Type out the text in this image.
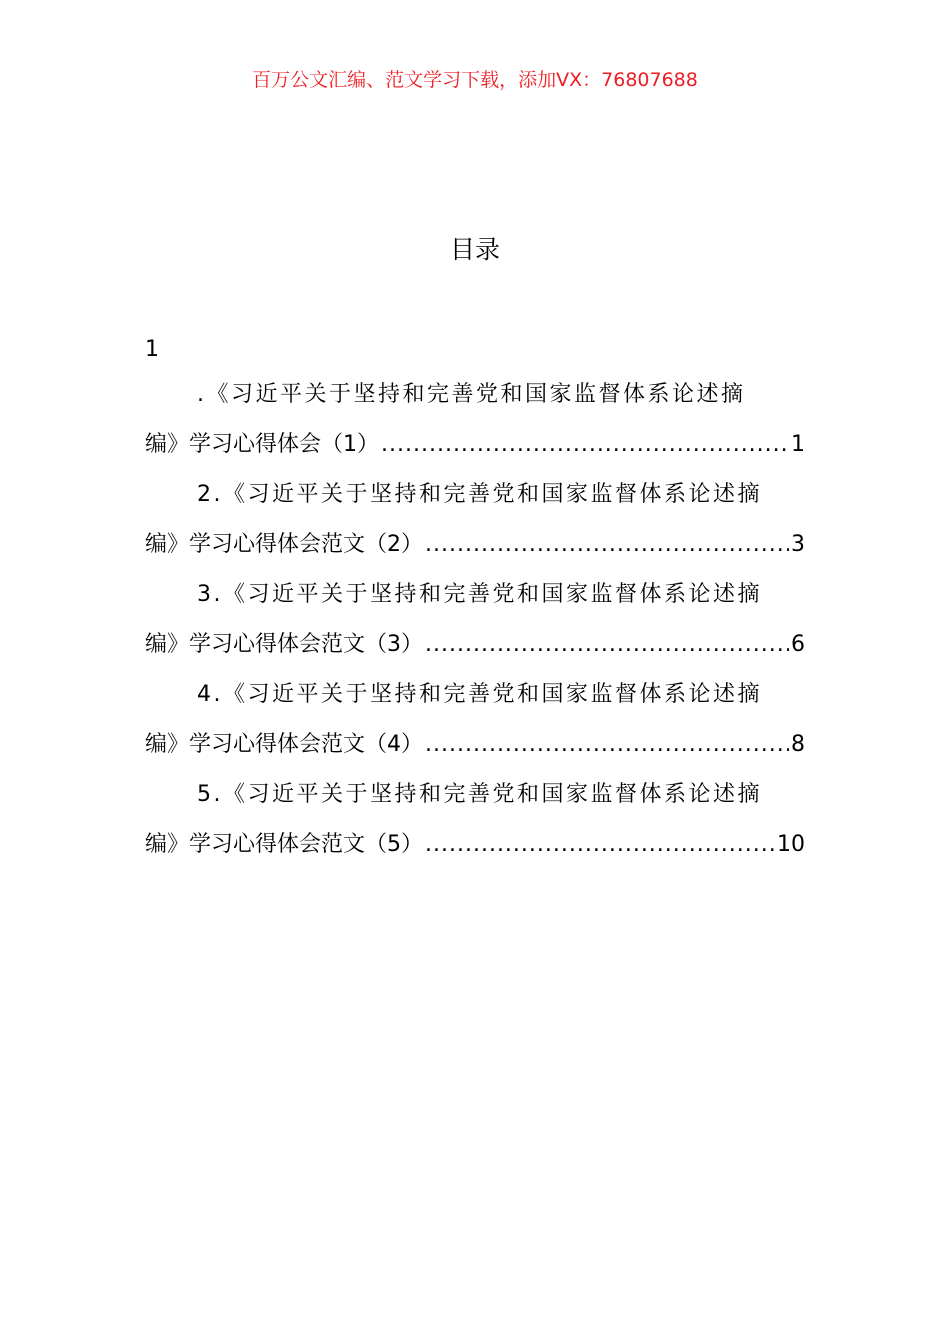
百万公文汇编、范文学习下载，添加VX：76807688
目录
1
.《习近平关于坚持和完善党和国家监督体系论述摘
编》学习心得体会（1） .....	1
2.《习近平关于坚持和完善党和国家监督体系论述摘
编》学习心得体会范文（2） .....	3
3.《习近平关于坚持和完善党和国家监督体系论述摘
编》学习心得体会范文（3） .....	6
4.《习近平关于坚持和完善党和国家监督体系论述摘
编》学习心得体会范文（4） .....	8
5.《习近平关于坚持和完善党和国家监督体系论述摘
编》学习心得体会范文（5） .....	10
